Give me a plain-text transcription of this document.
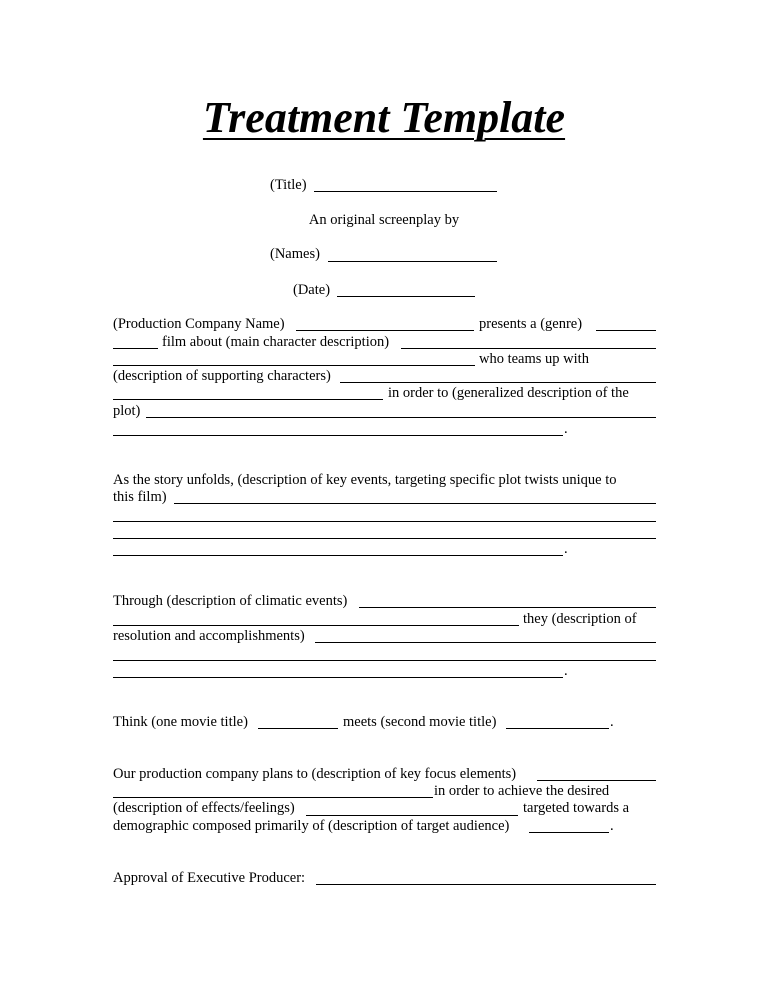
Treatment Template
(Title)
An original screenplay by
(Names)
(Date)
(Production Company Name)	presents a (genre)
film about (main character description)
who teams up with
(description of supporting characters)
in order to (generalized description of the
plot)
.
As the story unfolds, (description of key events, targeting specific plot twists unique to
this film)
.
Through (description of climatic events)
they (description of
resolution and accomplishments)
.
Think (one movie title)	meets (second movie title)	.
Our production company plans to (description of key focus elements)
in order to achieve the desired
(description of effects/feelings)	targeted towards a
demographic composed primarily of (description of target audience)	.
Approval of Executive Producer:
